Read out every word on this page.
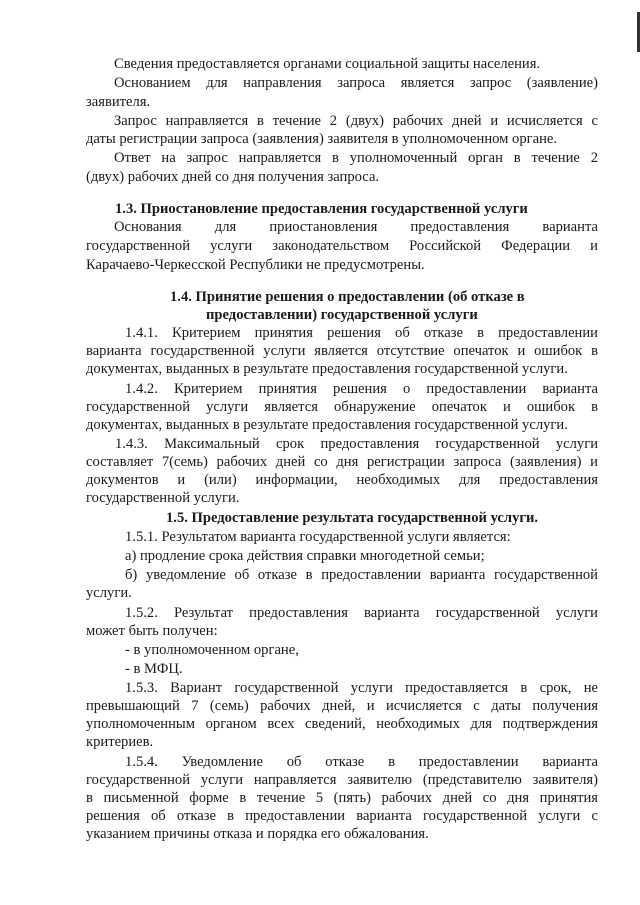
Сведения предоставляется органами социальной защиты населения.
Основанием для направления запроса является запрос (заявление)
заявителя.
Запрос направляется в течение 2 (двух) рабочих дней и исчисляется с
даты регистрации запроса (заявления) заявителя в уполномоченном органе.
Ответ на запрос направляется в уполномоченный орган в течение 2
(двух) рабочих дней со дня получения запроса.
1.3. Приостановление предоставления государственной услуги
Основания для приостановления предоставления варианта
государственной услуги законодательством Российской Федерации и
Карачаево-Черкесской Республики не предусмотрены.
1.4. Принятие решения о предоставлении (об отказе в
предоставлении) государственной услуги
1.4.1. Критерием принятия решения об отказе в предоставлении
варианта государственной услуги является отсутствие опечаток и ошибок в
документах, выданных в результате предоставления государственной услуги.
1.4.2. Критерием принятия решения о предоставлении варианта
государственной услуги является обнаружение опечаток и ошибок в
документах, выданных в результате предоставления государственной услуги.
1.4.3. Максимальный срок предоставления государственной услуги
составляет 7(семь) рабочих дней со дня регистрации запроса (заявления) и
документов и (или) информации, необходимых для предоставления
государственной услуги.
1.5. Предоставление результата государственной услуги.
1.5.1. Результатом варианта государственной услуги является:
а) продление срока действия справки многодетной семьи;
б) уведомление об отказе в предоставлении варианта государственной
услуги.
1.5.2. Результат предоставления варианта государственной услуги
может быть получен:
- в уполномоченном органе,
- в МФЦ.
1.5.3. Вариант государственной услуги предоставляется в срок, не
превышающий 7 (семь) рабочих дней, и исчисляется с даты получения
уполномоченным органом всех сведений, необходимых для подтверждения
критериев.
1.5.4. Уведомление об отказе в предоставлении варианта
государственной услуги направляется заявителю (представителю заявителя)
в письменной форме в течение 5 (пять) рабочих дней со дня принятия
решения об отказе в предоставлении варианта государственной услуги с
указанием причины отказа и порядка его обжалования.
